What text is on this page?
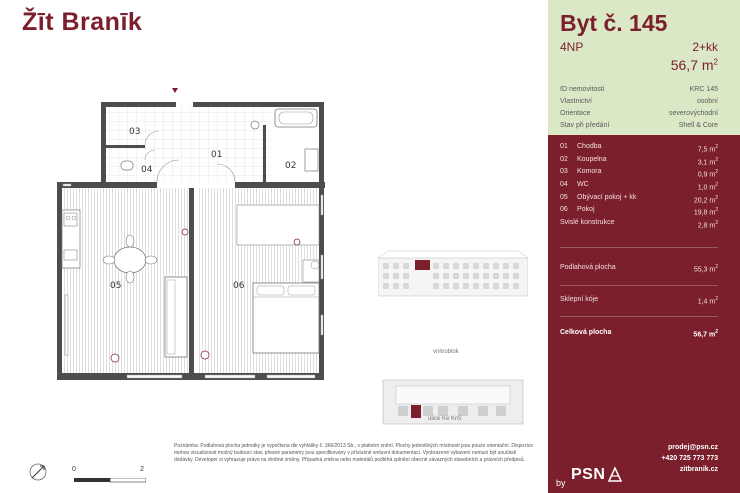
Žīt Branīk
01
02
03
04
05	06
0	2
vnitroblok
ulice Ke Krči
Poznámka: Podlahová plocha jednotky je vypočtena dle vyhlášky č. 366/2013 Sb., v platném znění. Plochy jednotlivých místností jsou pouze orientační. Dispozice mohou vizualizovat možný budoucí stav, přesné parametry jsou specifikovány v příslušné smluvní dokumentaci. Vyobrazené vybavení nemusí být součástí dodávky. Developer si vyhrazuje právo na drobné změny. Případná změna nebo materiálů podléhá splnění obecně závazných stavebních a právních předpisů.
Byt č. 145
4NP	2+kk
56,7 $m^2$
ID nemovitosti	KRC 145
Vlastnictví	osobní
Orientace	severovýchodní
Stav při předání	Shell & Core
01	Chodba	7,5 $m^2$
02	Koupelna	3,1 $m^2$
03	Komora	0,9 $m^2$
04	WC	1,0 $m^2$
05	Obývací pokoj + kk	20,2 $m^2$
06	Pokoj	19,8 $m^2$
Svislé konstrukce	2,8 $m^2$
Podlahová plocha	55,3 $m^2$
Sklepní kóje	1,4 $m^2$
Celková plocha	56,7 $m^2$
prodej@psn.cz
+420 725 773 773
zitbranik.cz
by PSN
